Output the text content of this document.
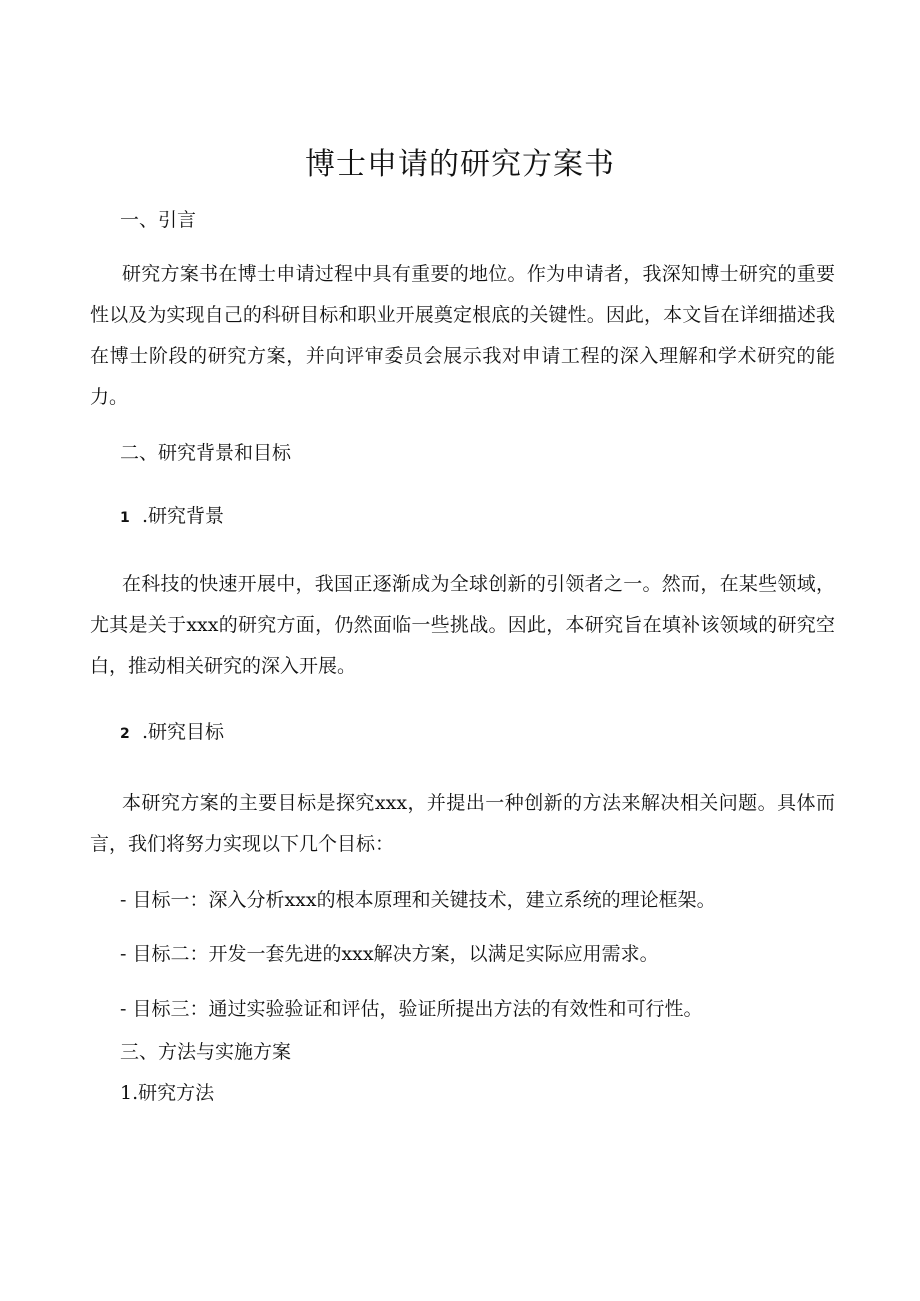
博士申请的研究方案书
一、引言
研究方案书在博士申请过程中具有重要的地位。作为申请者，我深知博士研究的重要性以及为实现自己的科研目标和职业开展奠定根底的关键性。因此，本文旨在详细描述我在博士阶段的研究方案，并向评审委员会展示我对申请工程的深入理解和学术研究的能力。
二、研究背景和目标
1 .研究背景
在科技的快速开展中，我国正逐渐成为全球创新的引领者之一。然而，在某些领域，尤其是关于xxx的研究方面，仍然面临一些挑战。因此，本研究旨在填补该领域的研究空白，推动相关研究的深入开展。
2 .研究目标
本研究方案的主要目标是探究xxx，并提出一种创新的方法来解决相关问题。具体而言，我们将努力实现以下几个目标：
- 目标一：深入分析xxx的根本原理和关键技术，建立系统的理论框架。
- 目标二：开发一套先进的xxx解决方案，以满足实际应用需求。
- 目标三：通过实验验证和评估，验证所提出方法的有效性和可行性。
三、方法与实施方案
1.研究方法
